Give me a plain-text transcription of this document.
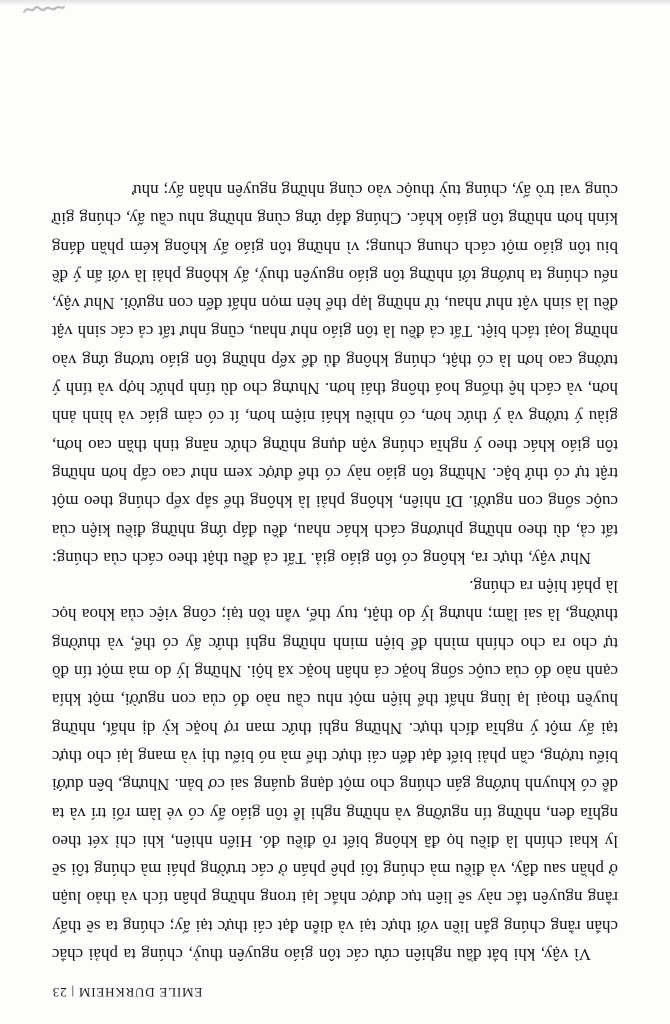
EMILE DURKHEIM | 23

Vì vậy, khi bắt đầu nghiên cứu các tôn giáo nguyên thuỷ, chúng ta phải chắc chắn rằng chúng gắn liền với thực tại và diễn đạt cái thực tại ấy; chúng ta sẽ thấy rằng nguyên tắc này sẽ liên tục được nhắc lại trong những phân tích và thảo luận ở phần sau đây, và điều mà chúng tôi phê phán ở các trường phái mà chúng tôi sẽ ly khai chính là điều họ đã không biết rõ điều đó. Hiển nhiên, khi chỉ xét theo nghĩa đen, những tín ngưỡng và những nghi lễ tôn giáo ấy có vẻ làm rối trí và ta dễ có khuynh hướng gán chúng cho một dạng quáng sai cơ bản. Nhưng, bên dưới biểu tượng, cần phải biết đạt đến cái thực thể mà nó biểu thị và mang lại cho thực tại ấy một ý nghĩa đích thực. Những nghi thức man rợ hoặc kỳ dị nhất, những huyền thoại lạ lùng nhất thể hiện một nhu cầu nào đó của con người, một khía cạnh nào đó của cuộc sống hoặc cá nhân hoặc xã hội. Những lý do mà một tín đồ tự cho ra cho chính mình để biện minh những nghi thức ấy có thể, và thường thường, là sai lầm; nhưng lý do thật, tuy thế, vẫn tồn tại; công việc của khoa học là phát hiện ra chúng.

Như vậy, thực ra, không có tôn giáo giả. Tất cả đều thật theo cách của chúng: tất cả, dù theo những phương cách khác nhau, đều đáp ứng những điều kiện của cuộc sống con người. Dĩ nhiên, không phải là không thể sắp xếp chúng theo một trật tự có thứ bậc. Những tôn giáo này có thể được xem như cao cấp hơn những tôn giáo khác theo ý nghĩa chúng vận dụng những chức năng tinh thần cao hơn, giàu ý tưởng và ý thức hơn, có nhiều khái niệm hơn, ít có cảm giác và hình ảnh hơn, và cách hệ thống hoá thông thái hơn. Nhưng cho dù tính phức hợp và tính ý tưởng cao hơn là có thật, chúng không đủ để xếp những tôn giáo tương ứng vào những loại tách biệt. Tất cả đều là tôn giáo như nhau, cũng như tất cả các sinh vật đều là sinh vật như nhau, từ những lạp thể hèn mọn nhất đến con người. Như vậy, nếu chúng ta hướng tới những tôn giáo nguyên thuỷ, ấy không phải là với ẩn ý đề biu tôn giáo một cách chung chung; vì những tôn giáo ấy không kém phần đáng kính hơn những tôn giáo khác. Chúng đáp ứng cùng những nhu cầu ấy, chúng giữ cùng vai trò ấy, chúng tuỳ thuộc vào cùng những nguyên nhân ấy; như
